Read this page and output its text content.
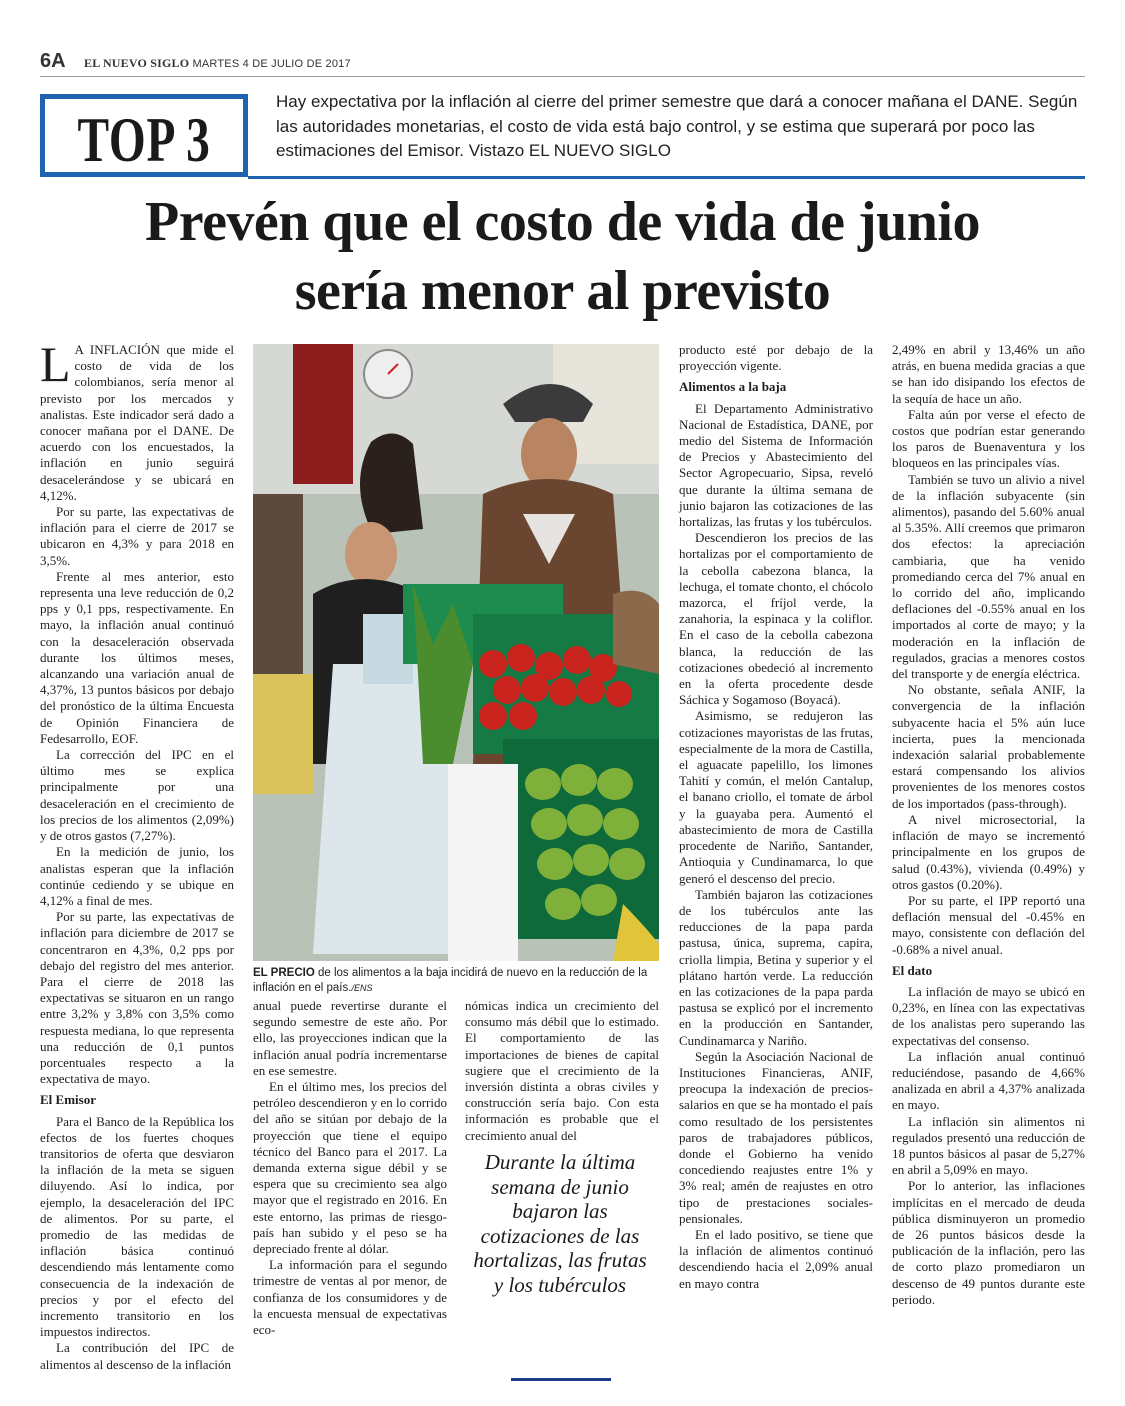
6A EL NUEVO SIGLO MARTES 4 DE JULIO DE 2017
TOP 3
Hay expectativa por la inflación al cierre del primer semestre que dará a conocer mañana el DANE. Según las autoridades monetarias, el costo de vida está bajo control, y se estima que superará por poco las estimaciones del Emisor. Vistazo EL NUEVO SIGLO
Prevén que el costo de vida de junio
sería menor al previsto

L A INFLACIÓN que mide el costo de vida de los colombianos, sería menor al previsto por los mercados y analistas. Este indicador será dado a conocer mañana por el DANE. De acuerdo con los encuestados, la inflación en junio seguirá desacelerándose y se ubicará en 4,12%.

Por su parte, las expectativas de inflación para el cierre de 2017 se ubicaron en 4,3% y para 2018 en 3,5%.

Frente al mes anterior, esto representa una leve reducción de 0,2 pps y 0,1 pps, respectivamente. En mayo, la inflación anual continuó con la desaceleración observada durante los últimos meses, alcanzando una variación anual de 4,37%, 13 puntos básicos por debajo del pronóstico de la última Encuesta de Opinión Financiera de Fedesarrollo, EOF.

La corrección del IPC en el último mes se explica principalmente por una desaceleración en el crecimiento de los precios de los alimentos (2,09%) y de otros gastos (7,27%).

En la medición de junio, los analistas esperan que la inflación continúe cediendo y se ubique en 4,12% a final de mes.

Por su parte, las expectativas de inflación para diciembre de 2017 se concentraron en 4,3%, 0,2 pps por debajo del registro del mes anterior. Para el cierre de 2018 las expectativas se situaron en un rango entre 3,2% y 3,8% con 3,5% como respuesta mediana, lo que representa una reducción de 0,1 puntos porcentuales respecto a la expectativa de mayo.

El Emisor

Para el Banco de la República los efectos de los fuertes choques transitorios de oferta que desviaron la inflación de la meta se siguen diluyendo. Así lo indica, por ejemplo, la desaceleración del IPC de alimentos. Por su parte, el promedio de las medidas de inflación básica continuó descendiendo más lentamente como consecuencia de la indexación de precios y por el efecto del incremento transitorio en los impuestos indirectos.

La contribución del IPC de alimentos al descenso de la inflación

EL PRECIO de los alimentos a la baja incidirá de nuevo en la reducción de la inflación en el país./ENS

anual puede revertirse durante el segundo semestre de este año. Por ello, las proyecciones indican que la inflación anual podría incrementarse en ese semestre.

En el último mes, los precios del petróleo descendieron y en lo corrido del año se sitúan por debajo de la proyección que tiene el equipo técnico del Banco para el 2017. La demanda externa sigue débil y se espera que su crecimiento sea algo mayor que el registrado en 2016. En este entorno, las primas de riesgo-país han subido y el peso se ha depreciado frente al dólar.

La información para el segundo trimestre de ventas al por menor, de confianza de los consumidores y de la encuesta mensual de expectativas eco-

nómicas indica un crecimiento del consumo más débil que lo estimado. El comportamiento de las importaciones de bienes de capital sugiere que el crecimiento de la inversión distinta a obras civiles y construcción sería bajo. Con esta información es probable que el crecimiento anual del

Durante la última semana de junio bajaron las cotizaciones de las hortalizas, las frutas y los tubérculos

producto esté por debajo de la proyección vigente.

Alimentos a la baja

El Departamento Administrativo Nacional de Estadística, DANE, por medio del Sistema de Información de Precios y Abastecimiento del Sector Agropecuario, Sipsa, reveló que durante la última semana de junio bajaron las cotizaciones de las hortalizas, las frutas y los tubérculos.

Descendieron los precios de las hortalizas por el comportamiento de la cebolla cabezona blanca, la lechuga, el tomate chonto, el chócolo mazorca, el fríjol verde, la zanahoria, la espinaca y la coliflor. En el caso de la cebolla cabezona blanca, la reducción de las cotizaciones obedeció al incremento en la oferta procedente desde Sáchica y Sogamoso (Boyacá).

Asimismo, se redujeron las cotizaciones mayoristas de las frutas, especialmente de la mora de Castilla, el aguacate papelillo, los limones Tahití y común, el melón Cantalup, el banano criollo, el tomate de árbol y la guayaba pera. Aumentó el abastecimiento de mora de Castilla procedente de Nariño, Santander, Antioquia y Cundinamarca, lo que generó el descenso del precio.

También bajaron las cotizaciones de los tubérculos ante las reducciones de la papa parda pastusa, única, suprema, capira, criolla limpia, Betina y superior y el plátano hartón verde. La reducción en las cotizaciones de la papa parda pastusa se explicó por el incremento en la producción en Santander, Cundinamarca y Nariño.

Según la Asociación Nacional de Instituciones Financieras, ANIF, preocupa la indexación de precios-salarios en que se ha montado el país como resultado de los persistentes paros de trabajadores públicos, donde el Gobierno ha venido concediendo reajustes entre 1% y 3% real; amén de reajustes en otro tipo de prestaciones sociales-pensionales.

En el lado positivo, se tiene que la inflación de alimentos continuó descendiendo hacia el 2,09% anual en mayo contra

2,49% en abril y 13,46% un año atrás, en buena medida gracias a que se han ido disipando los efectos de la sequía de hace un año.

Falta aún por verse el efecto de costos que podrían estar generando los paros de Buenaventura y los bloqueos en las principales vías.

También se tuvo un alivio a nivel de la inflación subyacente (sin alimentos), pasando del 5.60% anual al 5.35%. Allí creemos que primaron dos efectos: la apreciación cambiaria, que ha venido promediando cerca del 7% anual en lo corrido del año, implicando deflaciones del -0.55% anual en los importados al corte de mayo; y la moderación en la inflación de regulados, gracias a menores costos del transporte y de energía eléctrica.

No obstante, señala ANIF, la convergencia de la inflación subyacente hacia el 5% aún luce incierta, pues la mencionada indexación salarial probablemente estará compensando los alivios provenientes de los menores costos de los importados (pass-through).

A nivel microsectorial, la inflación de mayo se incrementó principalmente en los grupos de salud (0.43%), vivienda (0.49%) y otros gastos (0.20%).

Por su parte, el IPP reportó una deflación mensual del -0.45% en mayo, consistente con deflación del -0.68% a nivel anual.

El dato

La inflación de mayo se ubicó en 0,23%, en línea con las expectativas de los analistas pero superando las expectativas del consenso.

La inflación anual continuó reduciéndose, pasando de 4,66% analizada en abril a 4,37% analizada en mayo.

La inflación sin alimentos ni regulados presentó una reducción de 18 puntos básicos al pasar de 5,27% en abril a 5,09% en mayo.

Por lo anterior, las inflaciones implícitas en el mercado de deuda pública disminuyeron un promedio de 26 puntos básicos desde la publicación de la inflación, pero las de corto plazo promediaron un descenso de 49 puntos durante este periodo.
